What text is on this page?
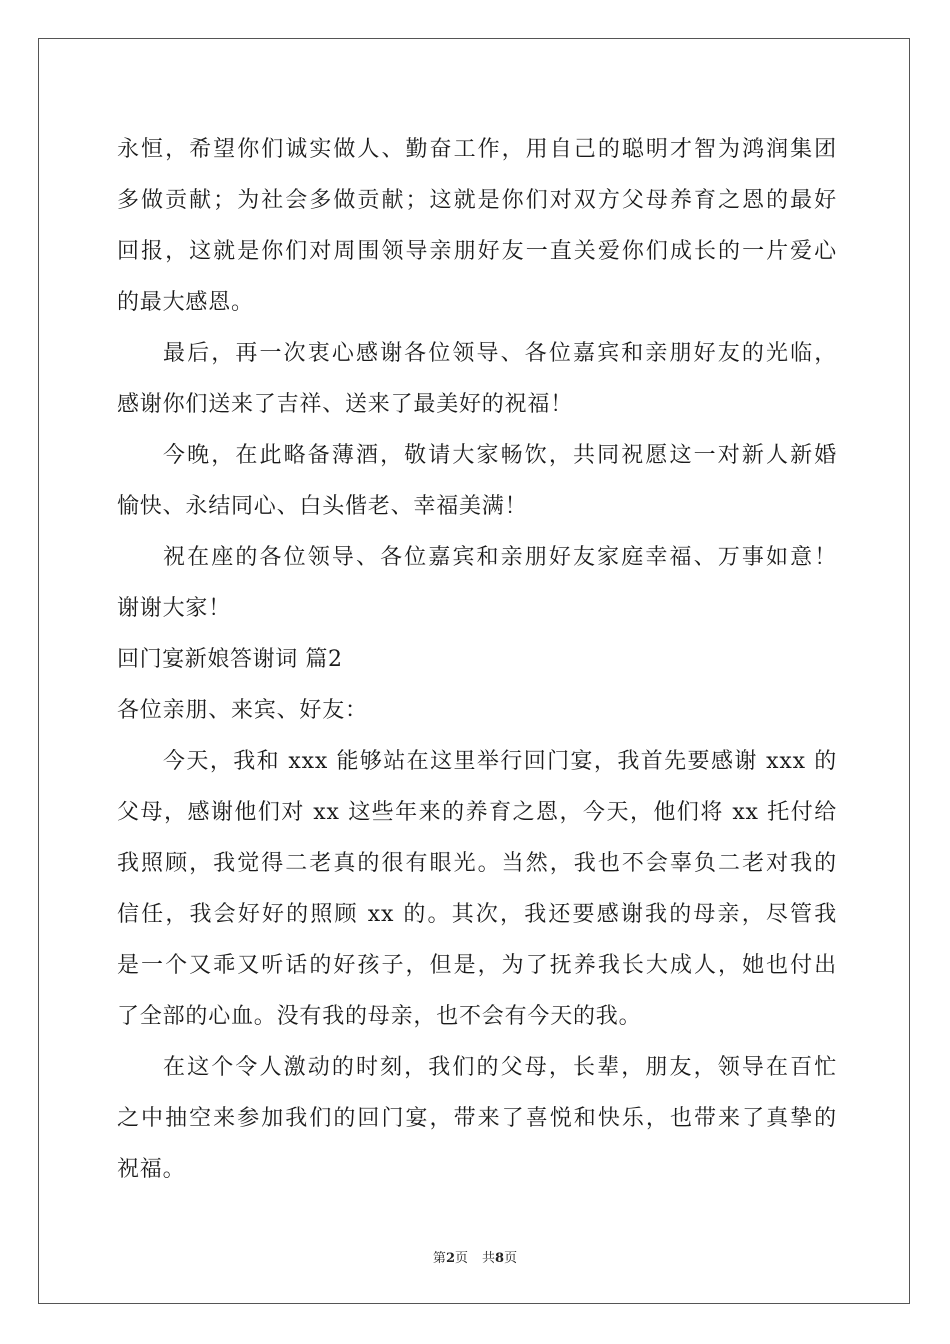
永恒，希望你们诚实做人、勤奋工作，用自己的聪明才智为鸿润集团
多做贡献；为社会多做贡献；这就是你们对双方父母养育之恩的最好
回报，这就是你们对周围领导亲朋好友一直关爱你们成长的一片爱心
的最大感恩。
最后，再一次衷心感谢各位领导、各位嘉宾和亲朋好友的光临，
感谢你们送来了吉祥、送来了最美好的祝福！
今晚，在此略备薄酒，敬请大家畅饮，共同祝愿这一对新人新婚
愉快、永结同心、白头偕老、幸福美满！
祝在座的各位领导、各位嘉宾和亲朋好友家庭幸福、万事如意！
谢谢大家！
回门宴新娘答谢词 篇2
各位亲朋、来宾、好友：
今天，我和 xxx 能够站在这里举行回门宴，我首先要感谢 xxx 的
父母，感谢他们对 xx 这些年来的养育之恩，今天，他们将 xx 托付给
我照顾，我觉得二老真的很有眼光。当然，我也不会辜负二老对我的
信任，我会好好的照顾 xx 的。其次，我还要感谢我的母亲，尽管我
是一个又乖又听话的好孩子，但是，为了抚养我长大成人，她也付出
了全部的心血。没有我的母亲，也不会有今天的我。
在这个令人激动的时刻，我们的父母，长辈，朋友，领导在百忙
之中抽空来参加我们的回门宴，带来了喜悦和快乐，也带来了真挚的
祝福。
第2页 共8页
